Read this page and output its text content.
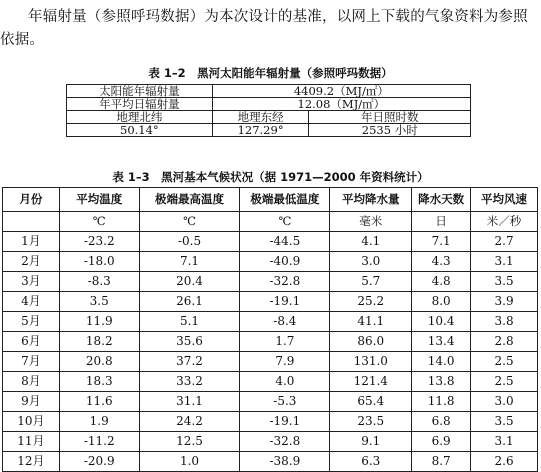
年辐射量（参照呼玛数据）为本次设计的基准，以网上下载的气象资料为参照依据。
表 1–2　黑河太阳能年辐射量（参照呼玛数据）
太阳能年辐射量	4409.2（MJ/㎡）	
年平均日辐射量	12.08（MJ/㎡）	
地理北纬	地理东经	年日照时数
50.14°	127.29°	2535 小时
表 1–3　黑河基本气候状况（据 1971—2000 年资料统计）
月份	平均温度	极端最高温度	极端最低温度	平均降水量	降水天数	平均风速
	℃	℃	℃	毫米	日	米／秒
1月	-23.2	-0.5	-44.5	4.1	7.1	2.7
2月	-18.0	7.1	-40.9	3.0	4.3	3.1
3月	-8.3	20.4	-32.8	5.7	4.8	3.5
4月	3.5	26.1	-19.1	25.2	8.0	3.9
5月	11.9	5.1	-8.4	41.1	10.4	3.8
6月	18.2	35.6	1.7	86.0	13.4	2.8
7月	20.8	37.2	7.9	131.0	14.0	2.5
8月	18.3	33.2	4.0	121.4	13.8	2.5
9月	11.6	31.1	-5.3	65.4	11.8	3.0
10月	1.9	24.2	-19.1	23.5	6.8	3.5
11月	-11.2	12.5	-32.8	9.1	6.9	3.1
12月	-20.9	1.0	-38.9	6.3	8.7	2.6
